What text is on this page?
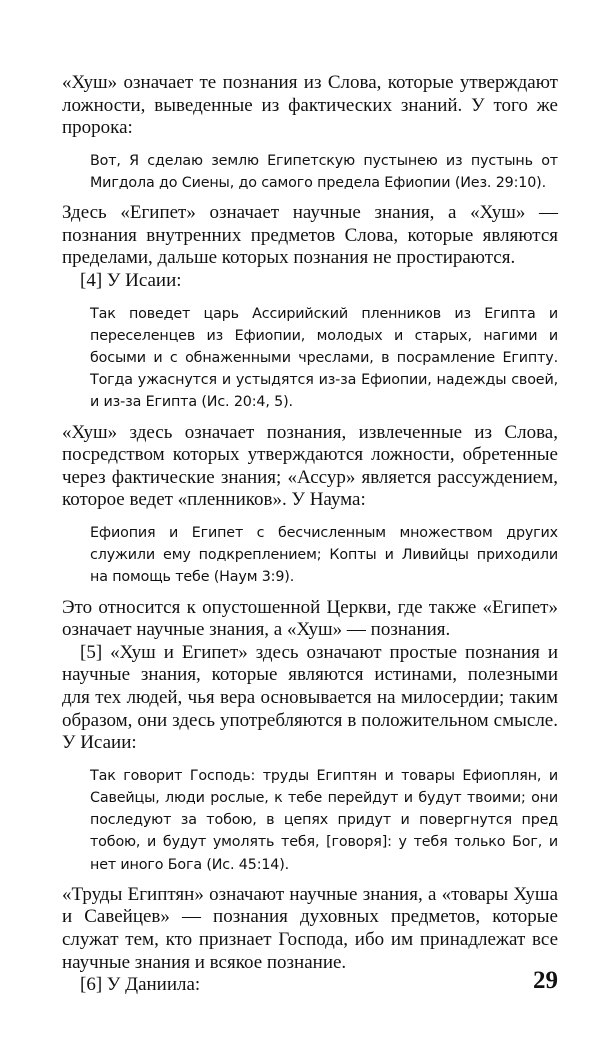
«Хуш» означает те познания из Слова, которые утверждают ложности, выведенные из фактических знаний. У того же пророка:

Вот, Я сделаю землю Египетскую пустынею из пустынь от Мигдола до Сиены, до самого предела Ефиопии (Иез. 29:10).

Здесь «Египет» означает научные знания, а «Хуш» — познания внутренних предметов Слова, которые являются пределами, дальше которых познания не простираются.

[4] У Исаии:

Так поведет царь Ассирийский пленников из Египта и переселенцев из Ефиопии, молодых и старых, нагими и босыми и с обнаженными чреслами, в посрамление Египту. Тогда ужаснутся и устыдятся из-за Ефиопии, надежды своей, и из-за Египта (Ис. 20:4, 5).

«Хуш» здесь означает познания, извлеченные из Слова, посредством которых утверждаются ложности, обретенные через фактические знания; «Ассур» является рассуждением, которое ведет «пленников». У Наума:

Ефиопия и Египет с бесчисленным множеством других служили ему подкреплением; Копты и Ливийцы приходили на помощь тебе (Наум 3:9).

Это относится к опустошенной Церкви, где также «Египет» означает научные знания, а «Хуш» — познания.

[5] «Хуш и Египет» здесь означают простые познания и научные знания, которые являются истинами, полезными для тех людей, чья вера основывается на милосердии; таким образом, они здесь употребляются в положительном смысле. У Исаии:

Так говорит Господь: труды Египтян и товары Ефиоплян, и Савейцы, люди рослые, к тебе перейдут и будут твоими; они последуют за тобою, в цепях придут и повергнутся пред тобою, и будут умолять тебя, [говоря]: у тебя только Бог, и нет иного Бога (Ис. 45:14).

«Труды Египтян» означают научные знания, а «товары Хуша и Савейцев» — познания духовных предметов, которые служат тем, кто признает Господа, ибо им принадлежат все научные знания и всякое познание.

[6] У Даниила:	29
